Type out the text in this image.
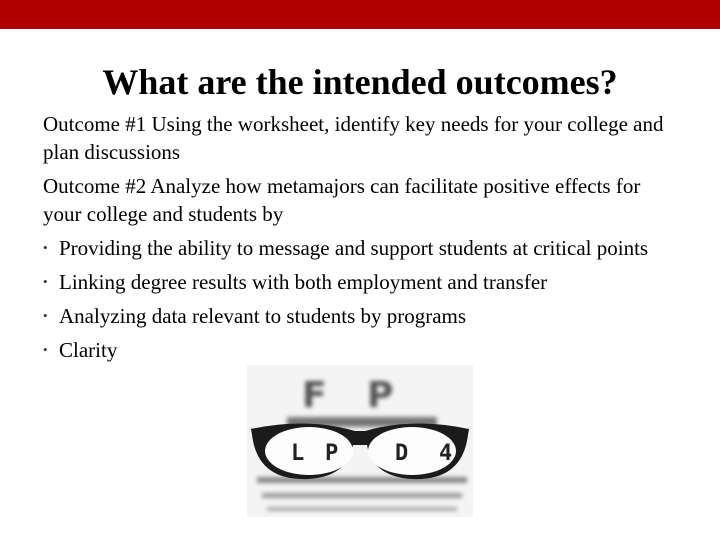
What are the intended outcomes?

Outcome #1 Using the worksheet, identify key needs for your college and plan discussions

Outcome #2 Analyze how metamajors can facilitate positive effects for your college and students by

• Providing the ability to message and support students at critical points
• Linking degree results with both employment and transfer
• Analyzing data relevant to students by programs
• Clarity
F P
L P	D 4
